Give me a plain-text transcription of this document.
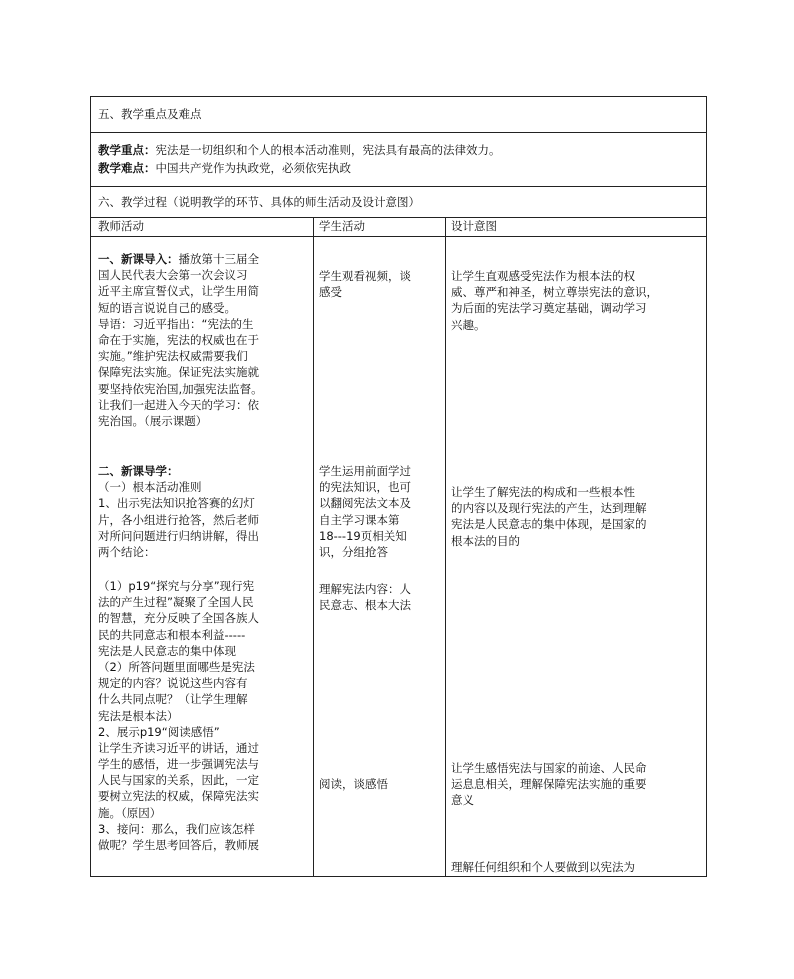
五、教学重点及难点
教学重点：宪法是一切组织和个人的根本活动准则，宪法具有最高的法律效力。
教学难点：中国共产党作为执政党，必须依宪执政
六、教学过程（说明教学的环节、具体的师生活动及设计意图）
教师活动	学生活动	设计意图
一、新课导入：播放第十三届全
国人民代表大会第一次会议习
近平主席宣誓仪式，让学生用简
短的语言说说自己的感受。
导语：习近平指出：“宪法的生
命在于实施，宪法的权威也在于
实施。”维护宪法权威需要我们
保障宪法实施。保证宪法实施就
要坚持依宪治国,加强宪法监督。
让我们一起进入今天的学习：依
宪治国。（展示课题）
二、新课导学：
（一）根本活动准则
1、出示宪法知识抢答赛的幻灯
片，各小组进行抢答，然后老师
对所问问题进行归纳讲解，得出
两个结论：
（1）p19“探究与分享”现行宪
法的产生过程”凝聚了全国人民
的智慧，充分反映了全国各族人
民的共同意志和根本利益-----
宪法是人民意志的集中体现
（2）所答问题里面哪些是宪法
规定的内容？说说这些内容有
什么共同点呢？（让学生理解
宪法是根本法）
2、展示p19“阅读感悟”
让学生齐读习近平的讲话，通过
学生的感悟，进一步强调宪法与
人民与国家的关系，因此，一定
要树立宪法的权威，保障宪法实
施。（原因）
3、接问：那么，我们应该怎样
做呢？学生思考回答后，教师展
学生观看视频，谈
感受
学生运用前面学过
的宪法知识，也可
以翻阅宪法文本及
自主学习课本第
18---19页相关知
识，分组抢答
理解宪法内容：人
民意志、根本大法
阅读，谈感悟
让学生直观感受宪法作为根本法的权
威、尊严和神圣，树立尊崇宪法的意识，
为后面的宪法学习奠定基础，调动学习
兴趣。
让学生了解宪法的构成和一些根本性
的内容以及现行宪法的产生，达到理解
宪法是人民意志的集中体现，是国家的
根本法的目的
让学生感悟宪法与国家的前途、人民命
运息息相关，理解保障宪法实施的重要
意义
理解任何组织和个人要做到以宪法为
